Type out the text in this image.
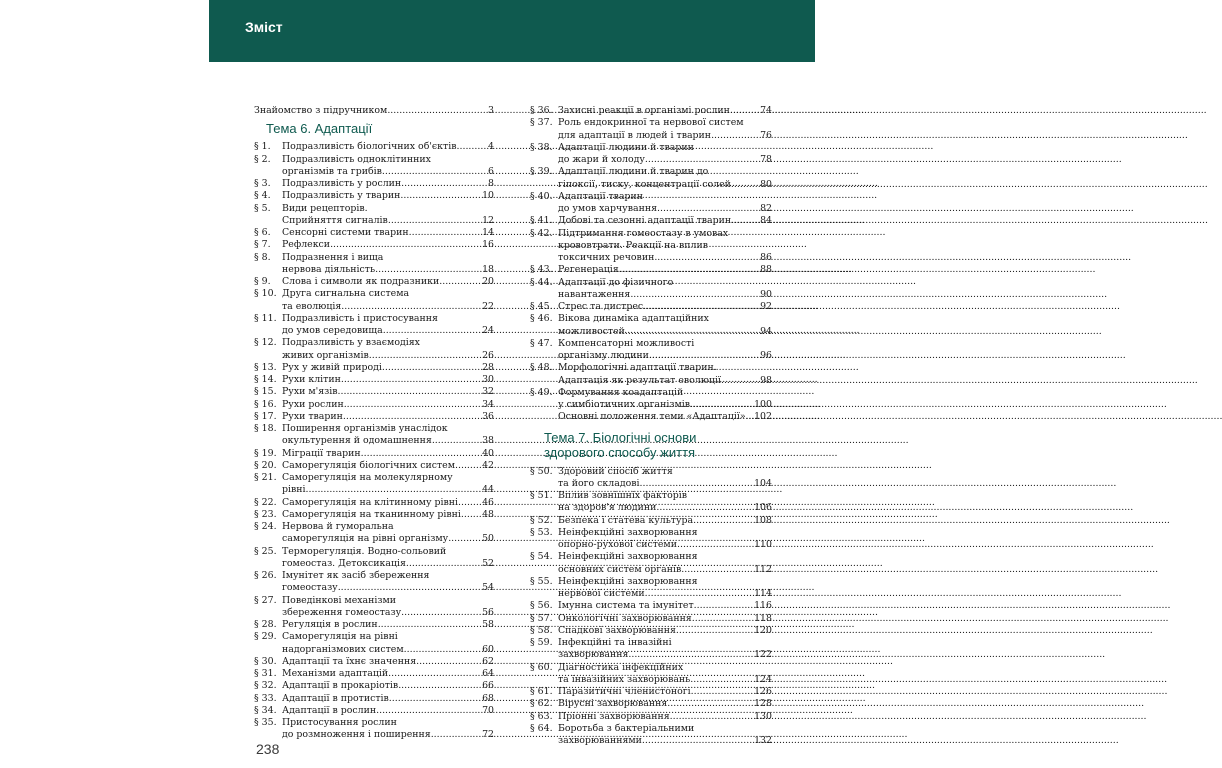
Зміст
Знайомство з підручником .....	3
Тема 6. Адаптації
§ 1.	Подразливість біологічних об'єктів .....	4
§ 2.	Подразливість одноклітинних
організмів та грибів .....	6
§ 3.	Подразливість у рослин .....	8
§ 4.	Подразливість у тварин .....	10
§ 5.	Види рецепторів.
Сприйняття сигналів .....	12
§ 6.	Сенсорні системи тварин .....	14
§ 7.	Рефлекси .....	16
§ 8.	Подразнення і вища
нервова діяльність .....	18
§ 9.	Слова і символи як подразники .....	20
§ 10. Друга сигнальна система
та еволюція .....	22
§ 11. Подразливість і пристосування
до умов середовища .....	24
§ 12. Подразливість у взаємодіях
живих організмів .....	26
§ 13. Рух у живій природі .....	28
§ 14. Рухи клітин .....	30
§ 15. Рухи м'язів .....	32
§ 16. Рухи рослин .....	34
§ 17. Рухи тварин .....	36
§ 18. Поширення організмів унаслідок
окультурення й одомашнення .....	38
§ 19. Міграції тварин .....	40
§ 20. Саморегуляція біологічних систем .....	42
§ 21. Саморегуляція на молекулярному
рівні .....	44
§ 22. Саморегуляція на клітинному рівні .....	46
§ 23. Саморегуляція на тканинному рівні ..... 48
§ 24. Нервова й гуморальна
саморегуляція на рівні організму .....	50
§ 25. Терморегуляція. Водно-сольовий
гомеостаз. Детоксикація .....	52
§ 26. Імунітет як засіб збереження
гомеостазу .....	54
§ 27. Поведінкові механізми
збереження гомеостазу .....	56
§ 28. Регуляція в рослин .....	58
§ 29. Саморегуляція на рівні
надорганізмових систем .....	60
§ 30. Адаптації та їхнє значення .....	62
§ 31. Механізми адаптацій .....	64
§ 32. Адаптації в прокаріотів .....	66
§ 33. Адаптації в протистів .....	68
§ 34. Адаптації в рослин .....	70
§ 35. Пристосування рослин
до розмноження і поширення .....	72
§ 36. Захисні реакції в організмі рослин .....	74
§ 37. Роль ендокринної та нервової систем
для адаптації в людей і тварин .....	76
§ 38. Адаптації людини й тварин
до жари й холоду .....	78
§ 39. Адаптації людини й тварин до
гіпоксії, тиску, концентрації солей .....	80
§ 40. Адаптації тварин
до умов харчування .....	82
§ 41. Добові та сезонні адаптації тварин .....	84
§ 42. Підтримання гомеостазу в умовах
крововтрати. Реакції на вплив
токсичних речовин .....	86
§ 43. Регенерація .....	88
§ 44. Адаптації до фізичного
навантаження .....	90
§ 45. Стрес та дистрес .....	92
§ 46. Вікова динаміка адаптаційних
можливостей .....	94
§ 47. Компенсаторні можливості
організму людини .....	96
§ 48. Морфологічні адаптації тварин.
Адаптація як результат еволюції .....	98
§ 49. Формування коадаптацій
у симбіотичних організмів .....	100
Основні положення теми «Адаптації» ..... 102
Тема 7. Біологічні основи
здорового способу життя
§ 50. Здоровий спосіб життя
та його складові .....	104
§ 51. Вплив зовнішніх факторів
на здоров'я людини .....	106
§ 52. Безпека і статева культура .....	108
§ 53. Неінфекційні захворювання
опорно-рухової системи .....	110
§ 54. Неінфекційні захворювання
основних систем органів .....	112
§ 55. Неінфекційні захворювання
нервової системи .....	114
§ 56. Імунна система та імунітет .....	116
§ 57. Онкологічні захворювання .....	118
§ 58. Спадкові захворювання .....	120
§ 59. Інфекційні та інвазійні
захворювання .....	122
§ 60. Діагностика інфекційних
та інвазійних захворювань .....	124
§ 61. Паразитичні членистоногі .....	126
§ 62. Вірусні захворювання .....	128
§ 63. Пріонні захворювання .....	130
§ 64. Боротьба з бактеріальними
захворюваннями .....	132
238
